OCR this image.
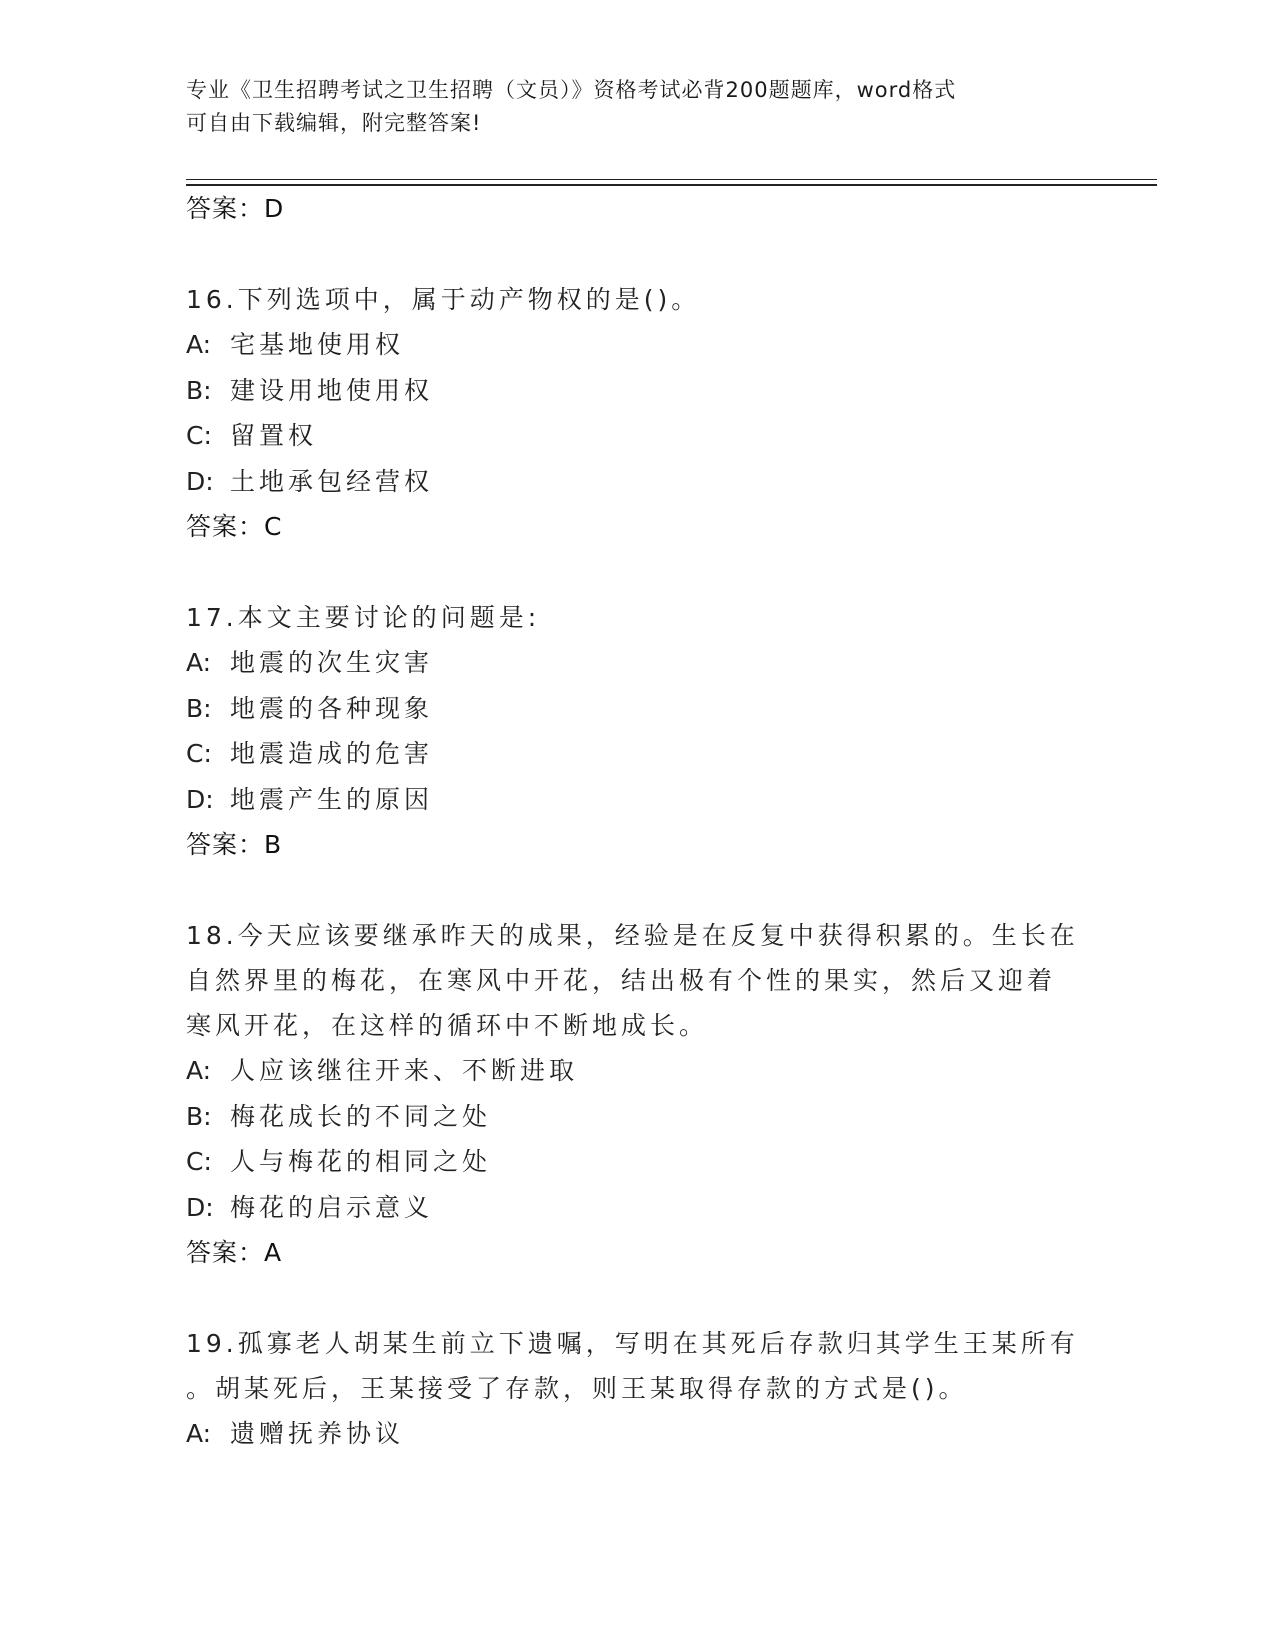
专业《卫生招聘考试之卫生招聘（文员）》资格考试必背200题题库，word格式
可自由下载编辑，附完整答案!
答案：D
16.下列选项中，属于动产物权的是()。
A: 宅基地使用权
B: 建设用地使用权
C: 留置权
D: 土地承包经营权
答案：C
17.本文主要讨论的问题是:
A: 地震的次生灾害
B: 地震的各种现象
C: 地震造成的危害
D: 地震产生的原因
答案：B
18.今天应该要继承昨天的成果，经验是在反复中获得积累的。生长在
自然界里的梅花，在寒风中开花，结出极有个性的果实，然后又迎着
寒风开花，在这样的循环中不断地成长。
A: 人应该继往开来、不断进取
B: 梅花成长的不同之处
C: 人与梅花的相同之处
D: 梅花的启示意义
答案：A
19.孤寡老人胡某生前立下遗嘱，写明在其死后存款归其学生王某所有
。胡某死后，王某接受了存款，则王某取得存款的方式是()。
A: 遗赠抚养协议
